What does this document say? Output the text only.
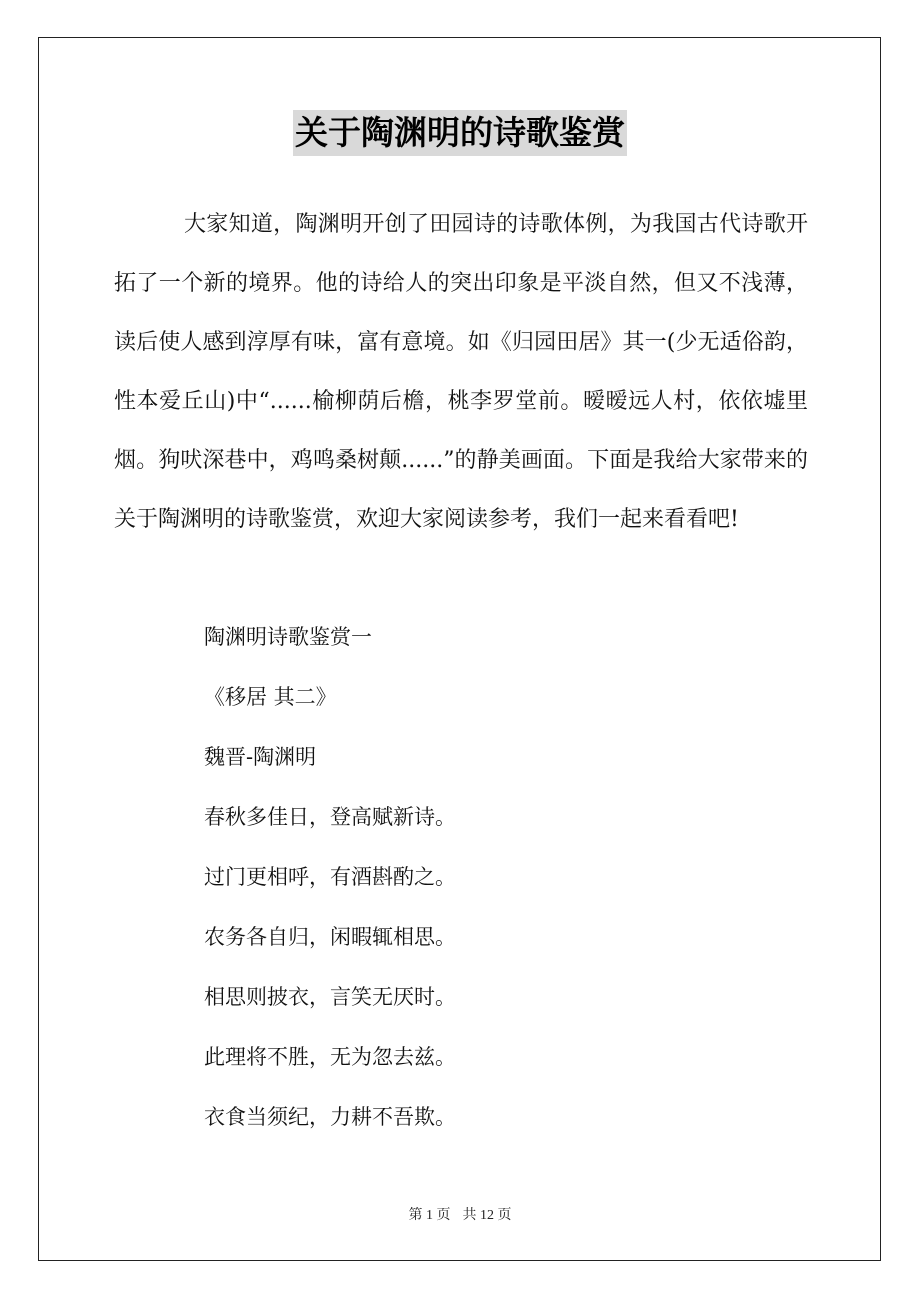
关于陶渊明的诗歌鉴赏

大家知道，陶渊明开创了田园诗的诗歌体例，为我国古代诗歌开拓了一个新的境界。他的诗给人的突出印象是平淡自然，但又不浅薄，读后使人感到淳厚有味，富有意境。如《归园田居》其一(少无适俗韵，性本爱丘山)中“......榆柳荫后檐，桃李罗堂前。暧暧远人村，依依墟里烟。狗吠深巷中，鸡鸣桑树颠......”的静美画面。下面是我给大家带来的关于陶渊明的诗歌鉴赏，欢迎大家阅读参考，我们一起来看看吧!

陶渊明诗歌鉴赏一
《移居 其二》
魏晋-陶渊明
春秋多佳日，登高赋新诗。
过门更相呼，有酒斟酌之。
农务各自归，闲暇辄相思。
相思则披衣，言笑无厌时。
此理将不胜，无为忽去兹。
衣食当须纪，力耕不吾欺。
第 1 页 共 12 页
